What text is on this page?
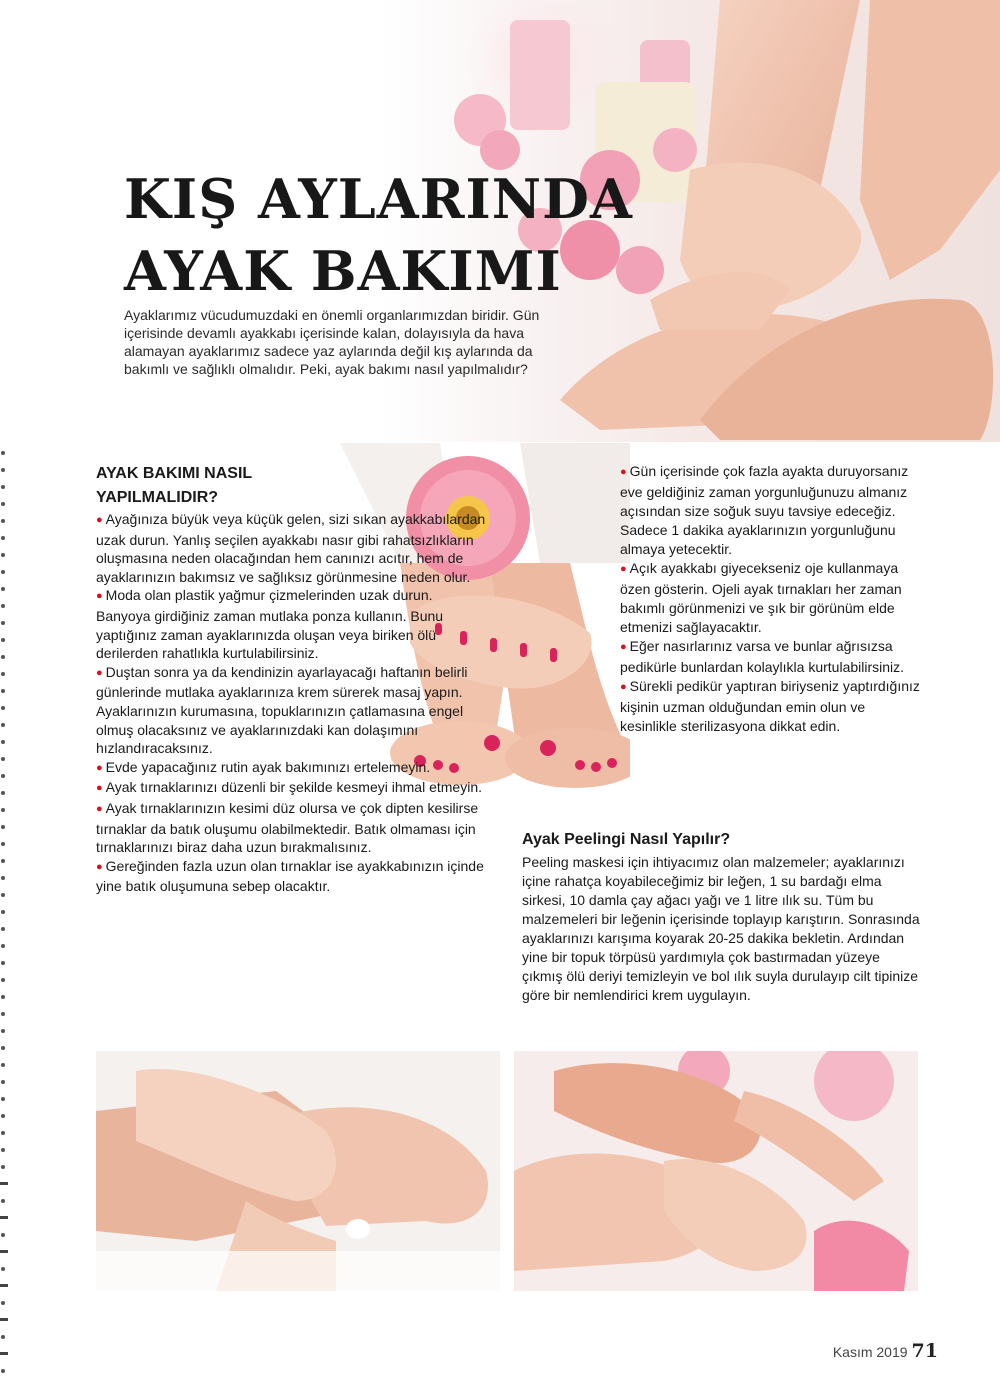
KIŞ AYLARINDA
AYAK BAKIMI

Ayaklarımız vücudumuzdaki en önemli organlarımızdan biridir. Gün içerisinde devamlı ayakkabı içerisinde kalan, dolayısıyla da hava alamayan ayaklarımız sadece yaz aylarında değil kış aylarında da bakımlı ve sağlıklı olmalıdır. Peki, ayak bakımı nasıl yapılmalıdır?

AYAK BAKIMI NASIL YAPILMALIDIR?

● Ayağınıza büyük veya küçük gelen, sizi sıkan ayakkabılardan uzak durun. Yanlış seçilen ayakkabı nasır gibi rahatsızlıkların oluşmasına neden olacağından hem canınızı acıtır, hem de ayaklarınızın bakımsız ve sağlıksız görünmesine neden olur.

● Moda olan plastik yağmur çizmelerinden uzak durun.

Banyoya girdiğiniz zaman mutlaka ponza kullanın. Bunu yaptığınız zaman ayaklarınızda oluşan veya biriken ölü derilerden rahatlıkla kurtulabilirsiniz.

● Duştan sonra ya da kendinizin ayarlayacağı haftanın belirli günlerinde mutlaka ayaklarınıza krem sürerek masaj yapın. Ayaklarınızın kurumasına, topuklarınızın çatlamasına engel olmuş olacaksınız ve ayaklarınızdaki kan dolaşımını hızlandıracaksınız.

● Evde yapacağınız rutin ayak bakımınızı ertelemeyin.

● Ayak tırnaklarınızı düzenli bir şekilde kesmeyi ihmal etmeyin.

● Ayak tırnaklarınızın kesimi düz olursa ve çok dipten kesilirse tırnaklar da batık oluşumu olabilmektedir. Batık olmaması için tırnaklarınızı biraz daha uzun bırakmalısınız.

● Gereğinden fazla uzun olan tırnaklar ise ayakkabınızın içinde yine batık oluşumuna sebep olacaktır.

● Gün içerisinde çok fazla ayakta duruyorsanız eve geldiğiniz zaman yorgunluğunuzu almanız açısından size soğuk suyu tavsiye edeceğiz. Sadece 1 dakika ayaklarınızın yorgunluğunu almaya yetecektir.

● Açık ayakkabı giyecekseniz oje kullanmaya özen gösterin. Ojeli ayak tırnakları her zaman bakımlı görünmenizi ve şık bir görünüm elde etmenizi sağlayacaktır.

● Eğer nasırlarınız varsa ve bunlar ağrısızsa pedikürle bunlardan kolaylıkla kurtulabilirsiniz.

● Sürekli pedikür yaptıran biriyseniz yaptırdığınız kişinin uzman olduğundan emin olun ve kesinlikle sterilizasyona dikkat edin.

Ayak Peelingi Nasıl Yapılır?

Peeling maskesi için ihtiyacımız olan malzemeler; ayaklarınızı içine rahatça koyabileceğimiz bir leğen, 1 su bardağı elma sirkesi, 10 damla çay ağacı yağı ve 1 litre ılık su. Tüm bu malzemeleri bir leğenin içerisinde toplayıp karıştırın. Sonrasında ayaklarınızı karışıma koyarak 20-25 dakika bekletin. Ardından yine bir topuk törpüsü yardımıyla çok bastırmadan yüzeye çıkmış ölü deriyi temizleyin ve bol ılık suyla durulayıp cilt tipinize göre bir nemlendirici krem uygulayın.

Kasım 2019 71
